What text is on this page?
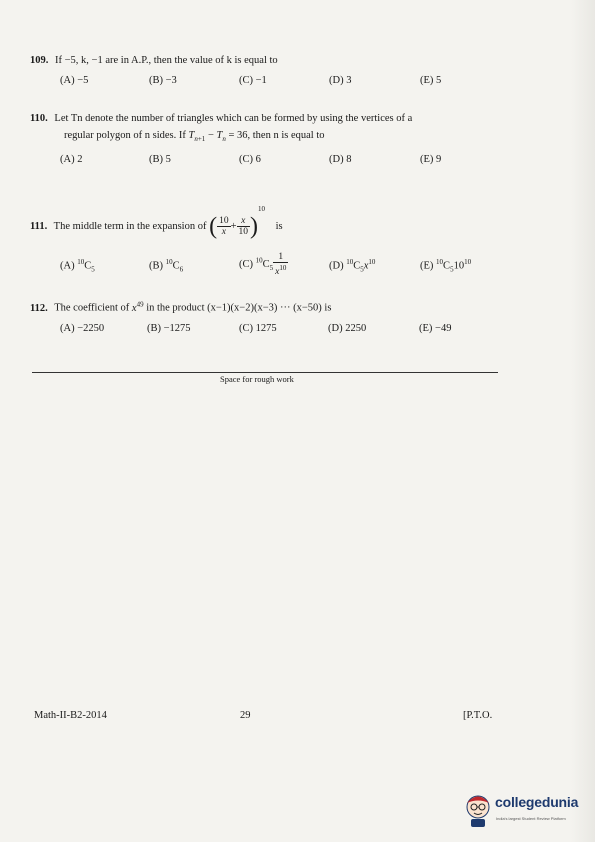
109. If −5, k, −1 are in A.P., then the value of k is equal to
(A) −5	(B) −3	(C) −1	(D) 3	(E) 5
110. Let Tn denote the number of triangles which can be formed by using the vertices of a
regular polygon of n sides. If $T_{n+1} - T_n = 36$, then n is equal to
(A) 2	(B) 5	(C) 6	(D) 8	(E) 9
111. The middle term in the expansion of ( $\frac{10}{x} + \frac{x}{10} )^{10}$ is
(A) $^{10}C_5$	(B) $^{10}C_6$	(C) $^{10}C_5 \frac{1}{x^{10}}$	(D) $^{10}C_5x^{10}$	(E) $^{10}C_510^{10}$
112. The coefficient of $x^{49}$ in the product (x−1)(x−2)(x−3) ··· (x−50) is
(A) −2250	(B) −1275	(C) 1275	(D) 2250	(E) −49
Space for rough work
Math-II-B2-2014	29	[P.T.O.
collegedunia
India's largest Student Review Platform
